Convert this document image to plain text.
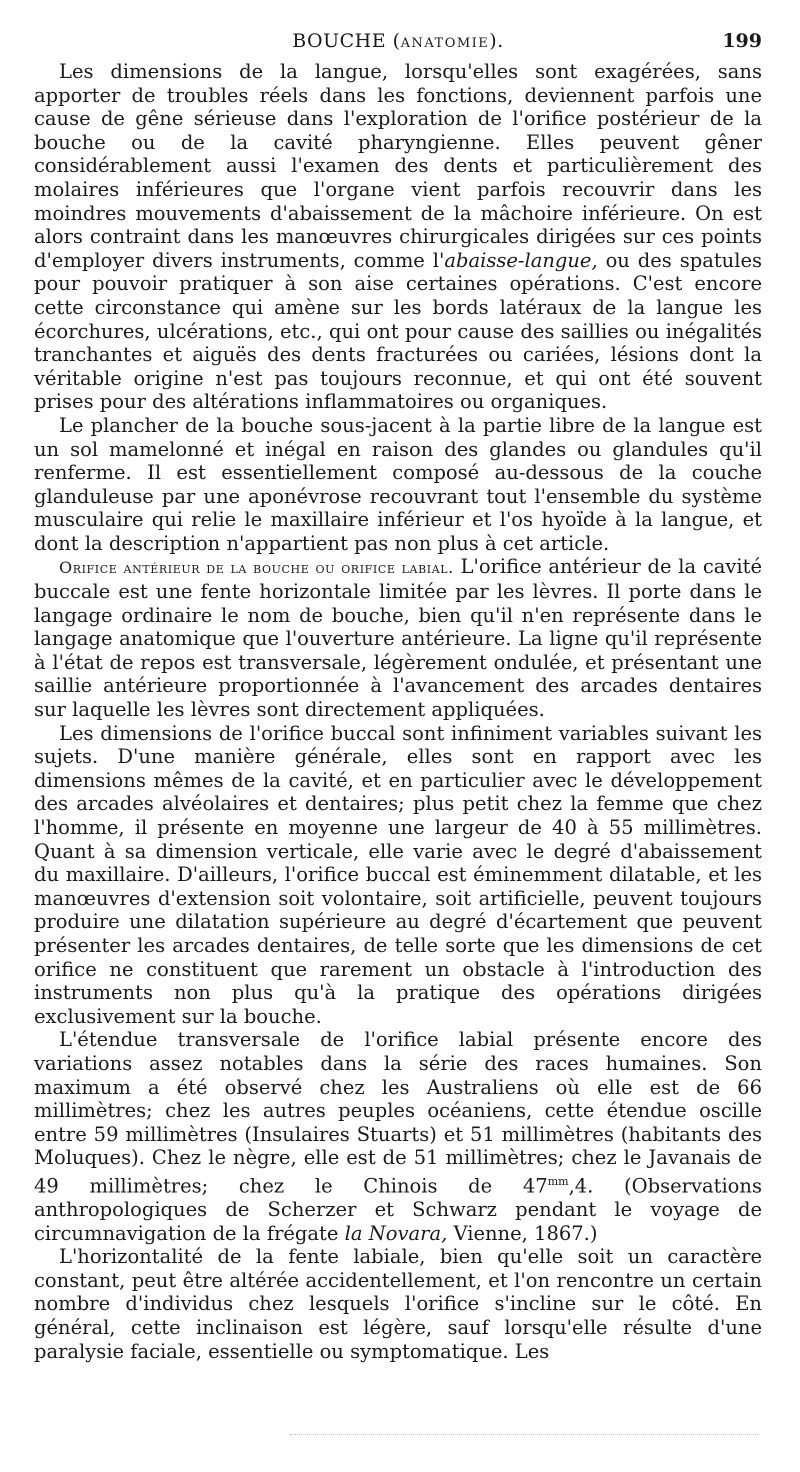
BOUCHE (ANATOMIE).	199

Les dimensions de la langue, lorsqu'elles sont exagérées, sans apporter de troubles réels dans les fonctions, deviennent parfois une cause de gêne sérieuse dans l'exploration de l'orifice postérieur de la bouche ou de la cavité pharyngienne. Elles peuvent gêner considérablement aussi l'examen des dents et particulièrement des molaires inférieures que l'organe vient parfois recouvrir dans les moindres mouvements d'abaissement de la mâchoire inférieure. On est alors contraint dans les manœuvres chirurgicales dirigées sur ces points d'employer divers instruments, comme l'abaisse-langue, ou des spatules pour pouvoir pratiquer à son aise certaines opérations. C'est encore cette circonstance qui amène sur les bords latéraux de la langue les écorchures, ulcérations, etc., qui ont pour cause des saillies ou inégalités tranchantes et aiguës des dents fracturées ou cariées, lésions dont la véritable origine n'est pas toujours reconnue, et qui ont été souvent prises pour des altérations inflammatoires ou organiques.

Le plancher de la bouche sous-jacent à la partie libre de la langue est un sol mamelonné et inégal en raison des glandes ou glandules qu'il renferme. Il est essentiellement composé au-dessous de la couche glanduleuse par une aponévrose recouvrant tout l'ensemble du système musculaire qui relie le maxillaire inférieur et l'os hyoïde à la langue, et dont la description n'appartient pas non plus à cet article.

Orifice antérieur de la bouche ou orifice labial. L'orifice antérieur de la cavité buccale est une fente horizontale limitée par les lèvres. Il porte dans le langage ordinaire le nom de bouche, bien qu'il n'en représente dans le langage anatomique que l'ouverture antérieure. La ligne qu'il représente à l'état de repos est transversale, légèrement ondulée, et présentant une saillie antérieure proportionnée à l'avancement des arcades dentaires sur laquelle les lèvres sont directement appliquées.

Les dimensions de l'orifice buccal sont infiniment variables suivant les sujets. D'une manière générale, elles sont en rapport avec les dimensions mêmes de la cavité, et en particulier avec le développement des arcades alvéolaires et dentaires; plus petit chez la femme que chez l'homme, il présente en moyenne une largeur de 40 à 55 millimètres. Quant à sa dimension verticale, elle varie avec le degré d'abaissement du maxillaire. D'ailleurs, l'orifice buccal est éminemment dilatable, et les manœuvres d'extension soit volontaire, soit artificielle, peuvent toujours produire une dilatation supérieure au degré d'écartement que peuvent présenter les arcades dentaires, de telle sorte que les dimensions de cet orifice ne constituent que rarement un obstacle à l'introduction des instruments non plus qu'à la pratique des opérations dirigées exclusivement sur la bouche.

L'étendue transversale de l'orifice labial présente encore des variations assez notables dans la série des races humaines. Son maximum a été observé chez les Australiens où elle est de 66 millimètres; chez les autres peuples océaniens, cette étendue oscille entre 59 millimètres (Insulaires Stuarts) et 51 millimètres (habitants des Moluques). Chez le nègre, elle est de 51 millimètres; chez le Javanais de 49 millimètres; chez le Chinois de $47^{mm},4$. (Observations anthropologiques de Scherzer et Schwarz pendant le voyage de circumnavigation de la frégate la Novara, Vienne, 1867.)

L'horizontalité de la fente labiale, bien qu'elle soit un caractère constant, peut être altérée accidentellement, et l'on rencontre un certain nombre d'individus chez lesquels l'orifice s'incline sur le côté. En général, cette inclinaison est légère, sauf lorsqu'elle résulte d'une paralysie faciale, essentielle ou symptomatique. Les
